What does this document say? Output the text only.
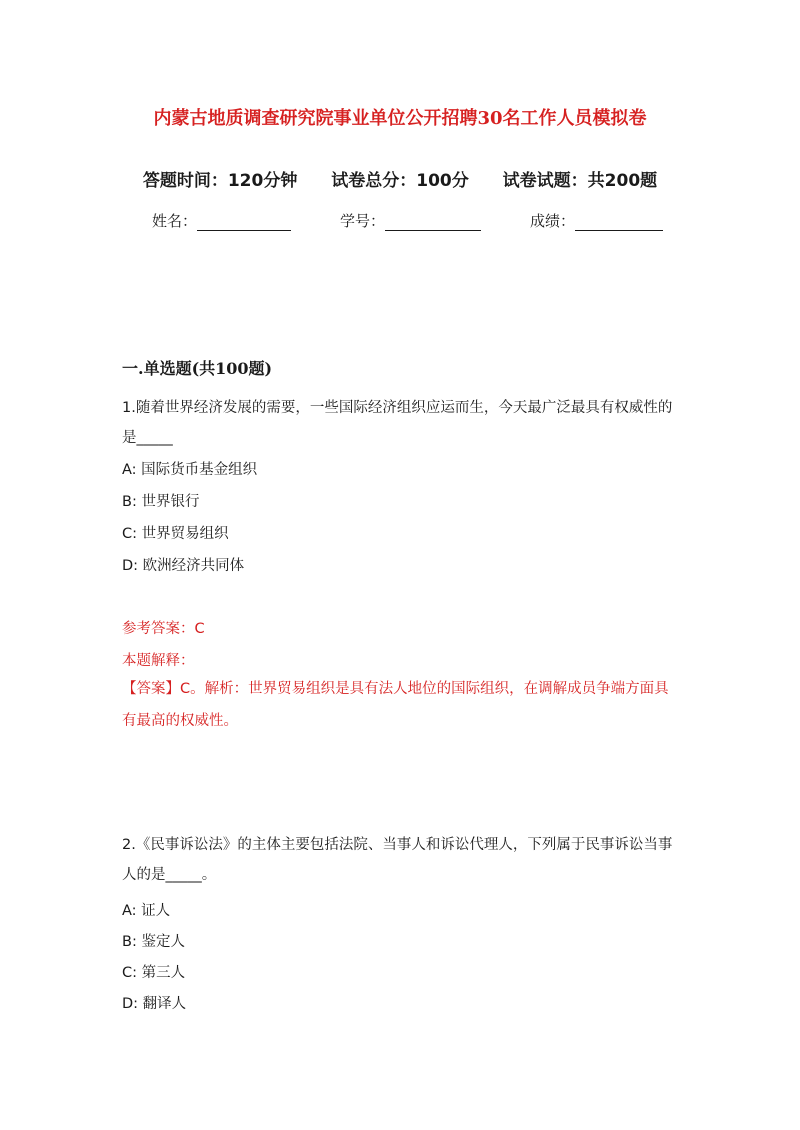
内蒙古地质调查研究院事业单位公开招聘30名工作人员模拟卷
答题时间：120分钟 试卷总分：100分 试卷试题：共200题
姓名：	学号：	成绩：
一.单选题(共100题)
1.随着世界经济发展的需要，一些国际经济组织应运而生，今天最广泛最具有权威性的是_____
A: 国际货币基金组织
B: 世界银行
C: 世界贸易组织
D: 欧洲经济共同体
参考答案：C
本题解释：
【答案】C。解析：世界贸易组织是具有法人地位的国际组织，在调解成员争端方面具有最高的权威性。
2.《民事诉讼法》的主体主要包括法院、当事人和诉讼代理人，下列属于民事诉讼当事人的是_____。
A: 证人
B: 鉴定人
C: 第三人
D: 翻译人
